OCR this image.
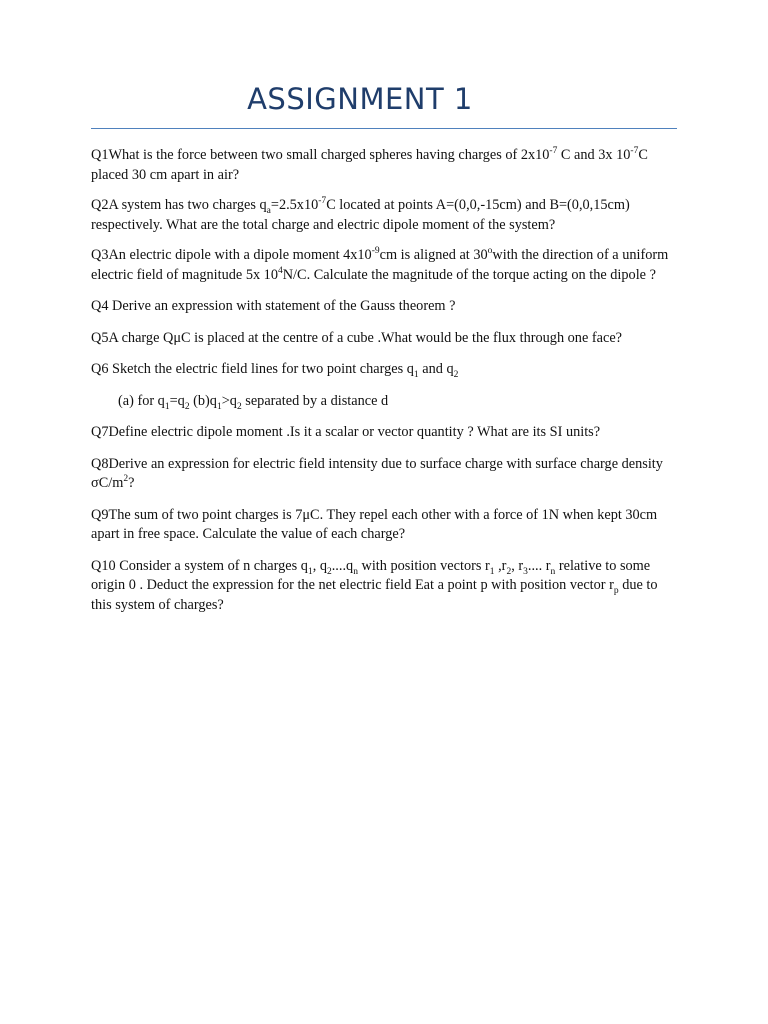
ASSIGNMENT 1

Q1What is the force between two small charged spheres having charges of $2x10^{-7}$ C and 3x $10^{-7}C$ placed 30 cm apart in air?

Q2A system has two charges $q_a=2.5x10^{-7}C$ located at points A=(0,0,-15cm) and B=(0,0,15cm) respectively. What are the total charge and electric dipole moment of the system?

Q3An electric dipole with a dipole moment $4x10^{-9}cm$ is aligned at 30$^o$with the direction of a uniform electric field of magnitude 5x $10^4N/C$. Calculate the magnitude of the torque acting on the dipole ?

Q4 Derive an expression with statement of the Gauss theorem ?

Q5A charge QμC is placed at the centre of a cube .What would be the flux through one face?

Q6 Sketch the electric field lines for two point charges $q_1$ and $q_2$

(a) for $q_1=q_2$ $(b)q_1>q_2$ separated by a distance d

Q7Define electric dipole moment .Is it a scalar or vector quantity ? What are its SI units?

Q8Derive an expression for electric field intensity due to surface charge with surface charge density $\sigma C/m^2$?

Q9The sum of two point charges is 7μC. They repel each other with a force of 1N when kept 30cm apart in free space. Calculate the value of each charge?

Q10 Consider a system of n charges $q_1$, $q_2....q_n$ with position vectors $r_1$ $,r_2$, $r_3$.... $r_n$ relative to some origin 0 . Deduct the expression for the net electric field Eat a point p with position vector $r_p$ due to this system of charges?
